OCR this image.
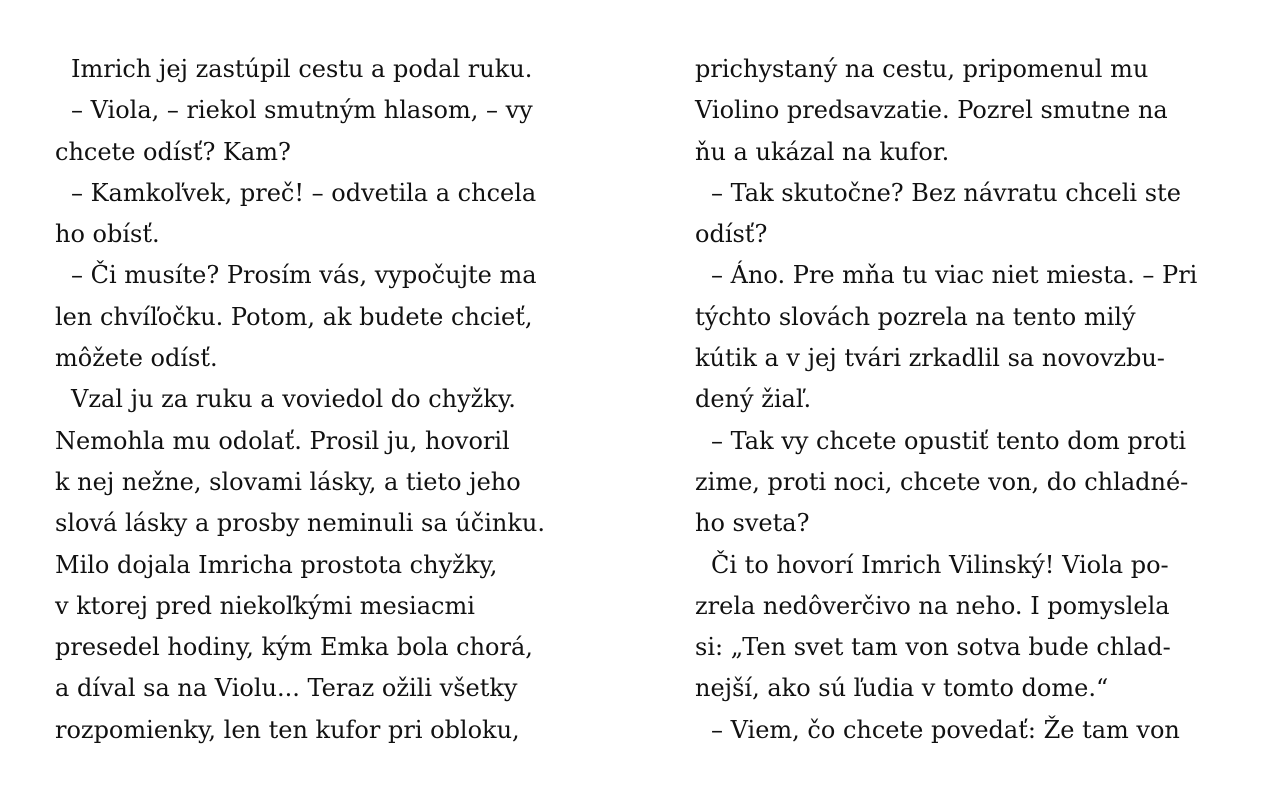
Imrich jej zastúpil cestu a podal ruku.
– Viola, – riekol smutným hlasom, – vy
chcete odísť? Kam?
– Kamkoľvek, preč! – odvetila a chcela
ho obísť.
– Či musíte? Prosím vás, vypočujte ma
len chvíľočku. Potom, ak budete chcieť,
môžete odísť.
Vzal ju za ruku a voviedol do chyžky.
Nemohla mu odolať. Prosil ju, hovoril
k nej nežne, slovami lásky, a tieto jeho
slová lásky a prosby neminuli sa účinku.
Milo dojala Imricha prostota chyžky,
v ktorej pred niekoľkými mesiacmi
presedel hodiny, kým Emka bola chorá,
a díval sa na Violu... Teraz ožili všetky
rozpomienky, len ten kufor pri obloku,
prichystaný na cestu, pripomenul mu
Violino predsavzatie. Pozrel smutne na
ňu a ukázal na kufor.
– Tak skutočne? Bez návratu chceli ste
odísť?
– Áno. Pre mňa tu viac niet miesta. – Pri
týchto slovách pozrela na tento milý
kútik a v jej tvári zrkadlil sa novovzbu-
dený žiaľ.
– Tak vy chcete opustiť tento dom proti
zime, proti noci, chcete von, do chladné-
ho sveta?
Či to hovorí Imrich Vilinský! Viola po-
zrela nedôverčivo na neho. I pomyslela
si: „Ten svet tam von sotva bude chlad-
nejší, ako sú ľudia v tomto dome.“
– Viem, čo chcete povedať: Že tam von
